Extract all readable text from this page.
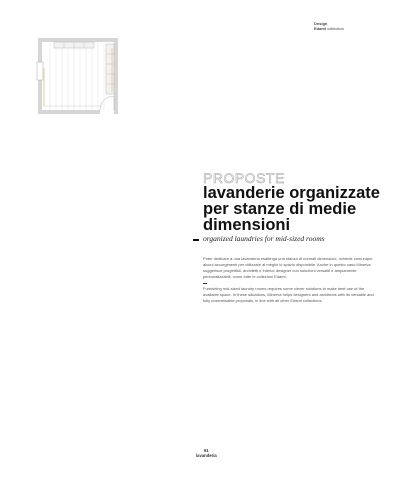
Design
Edami collection
PROPOSTE
lavanderie organizzate per stanze di medie dimensioni
organized laundries for mid-sized rooms

Poter dedicare a una lavanderia esattinga una stanza di normali dimensioni, richiede comunque alcuni accorgimenti per utilizzare al meglio lo spazio disponibile. Anche in questo caso Minerva suggerisce progettisti, architetti e interior designer con soluzioni versatili e ampiamente personalizzabili, come tutte le collezioni Edami.

Furnishing mid-sized laundry rooms requires some clever solutions to make best use of the available space. In these situations, Minerva helps designers and architects with its versatile and fully customisable proposals, in line with all other Edami collections.

61
lavanderia
